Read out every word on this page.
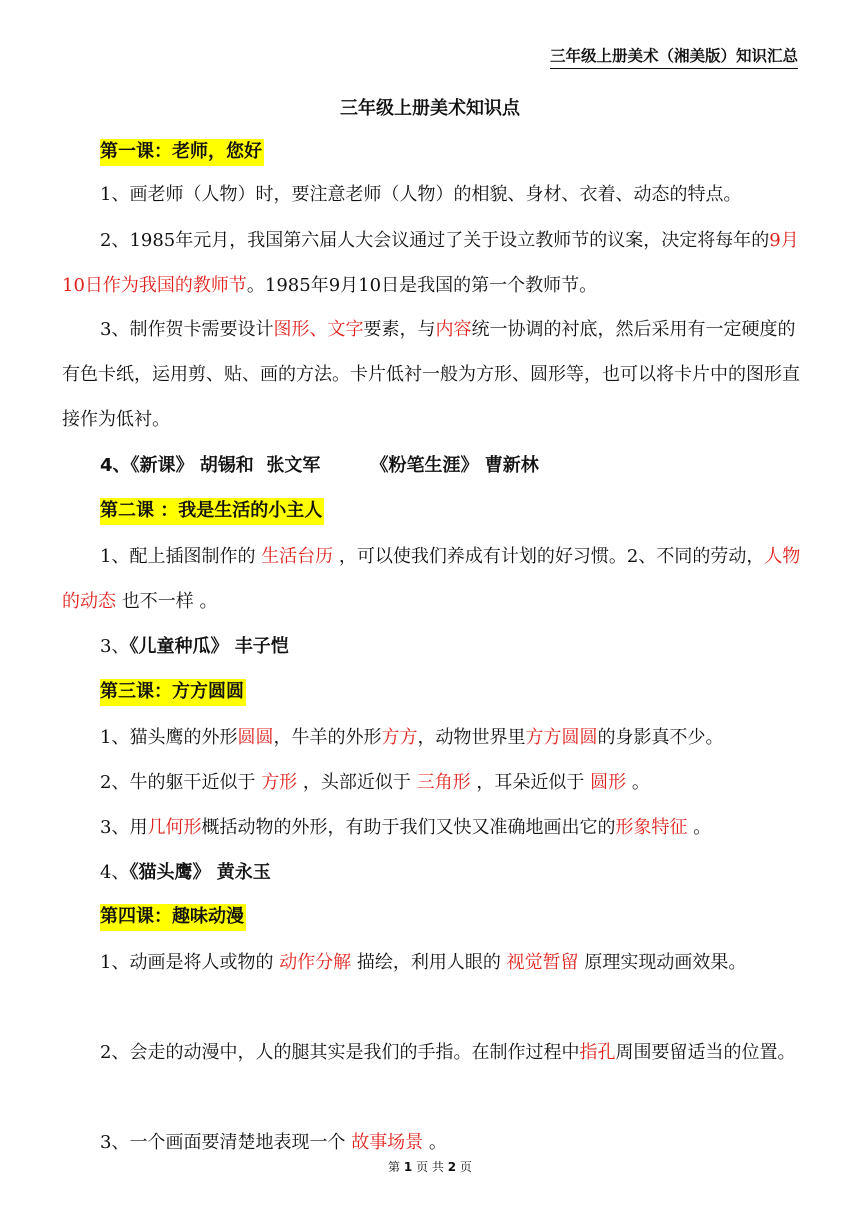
三年级上册美术（湘美版）知识汇总
三年级上册美术知识点
第一课：老师，您好
1、画老师（人物）时，要注意老师（人物）的相貌、身材、衣着、动态的特点。
2、1985年元月，我国第六届人大会议通过了关于设立教师节的议案，决定将每年的9月10日作为我国的教师节。1985年9月10日是我国的第一个教师节。
3、制作贺卡需要设计图形、文字要素，与内容统一协调的衬底，然后采用有一定硬度的有色卡纸，运用剪、贴、画的方法。卡片低衬一般为方形、圆形等，也可以将卡片中的图形直接作为低衬。
4、《新课》 胡锡和  张文军        《粉笔生涯》 曹新林
第二课 ：我是生活的小主人
1、配上插图制作的 生活台历 ，可以使我们养成有计划的好习惯。2、不同的劳动，人物的动态 也不一样 。
3、《儿童种瓜》 丰子恺
第三课：方方圆圆
1、猫头鹰的外形圆圆，牛羊的外形方方，动物世界里方方圆圆的身影真不少。
2、牛的躯干近似于 方形 ，头部近似于 三角形 ，耳朵近似于 圆形 。
3、用几何形概括动物的外形，有助于我们又快又准确地画出它的形象特征 。
4、《猫头鹰》 黄永玉
第四课：趣味动漫
1、动画是将人或物的 动作分解 描绘，利用人眼的 视觉暂留 原理实现动画效果。
2、会走的动漫中，人的腿其实是我们的手指。在制作过程中指孔周围要留适当的位置。
3、一个画面要清楚地表现一个 故事场景 。
第 1 页 共 2 页
